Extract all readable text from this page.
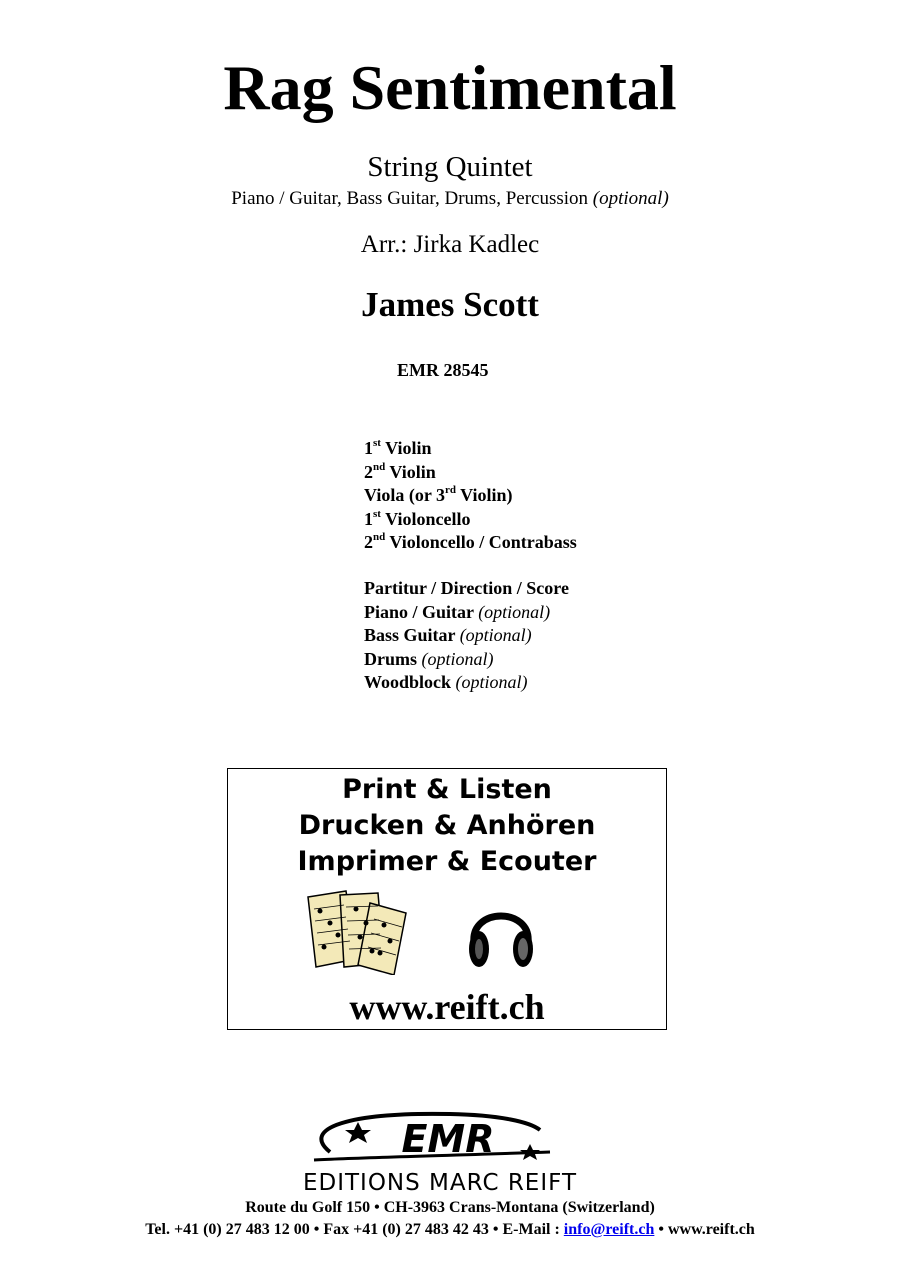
Rag Sentimental
String Quintet
Piano / Guitar, Bass Guitar, Drums, Percussion (optional)
Arr.: Jirka Kadlec
James Scott
EMR 28545
1st Violin
2nd Violin
Viola (or 3rd Violin)
1st Violoncello
2nd Violoncello / Contrabass
Partitur / Direction / Score
Piano / Guitar (optional)
Bass Guitar (optional)
Drums (optional)
Woodblock (optional)
Print & Listen
Drucken & Anhören
Imprimer & Ecouter
www.reift.ch
EMR
EDITIONS MARC REIFT
Route du Golf 150 • CH-3963 Crans-Montana (Switzerland)
Tel. +41 (0) 27 483 12 00 • Fax +41 (0) 27 483 42 43 • E-Mail : info@reift.ch • www.reift.ch
